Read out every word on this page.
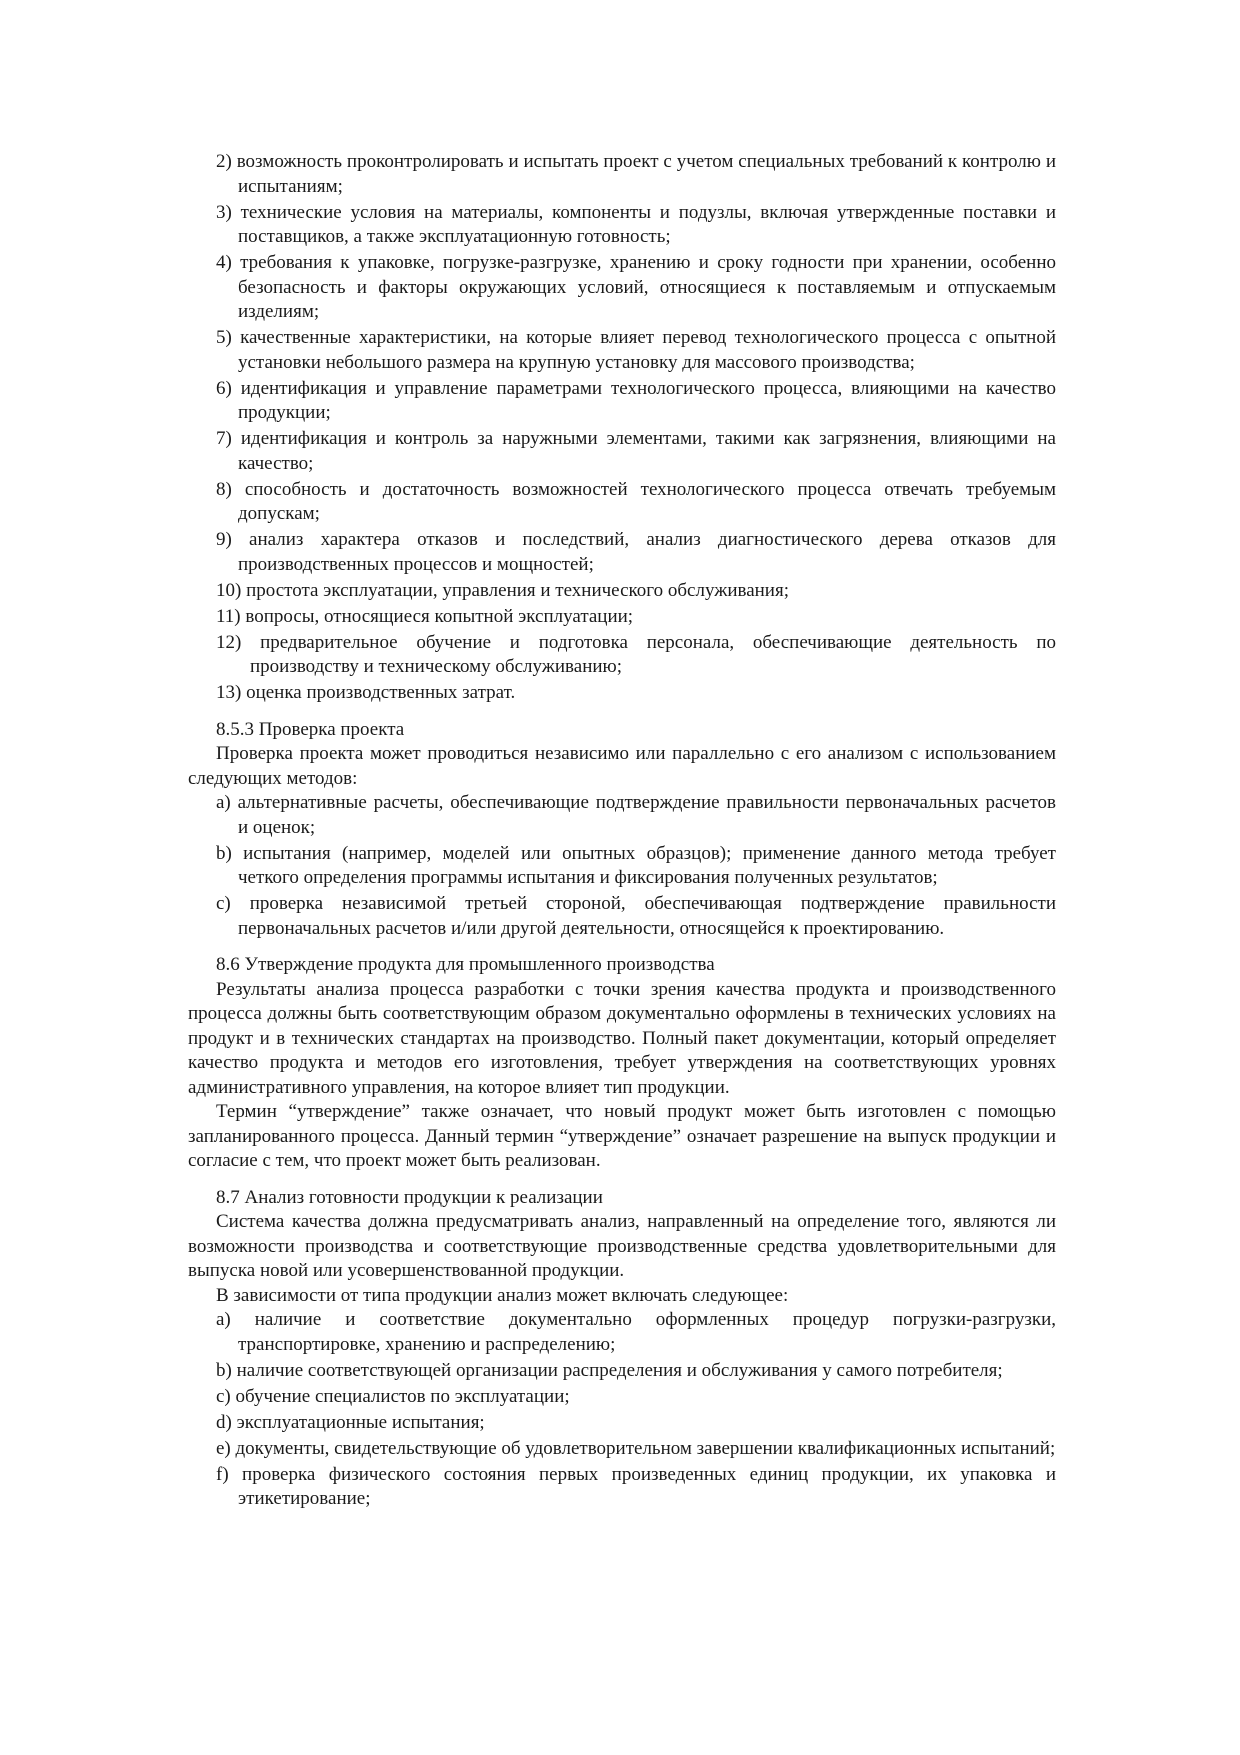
2) возможность проконтролировать и испытать проект с учетом специальных требований к контролю и испытаниям;

3) технические условия на материалы, компоненты и подузлы, включая утвержденные поставки и поставщиков, а также эксплуатационную готовность;

4) требования к упаковке, погрузке-разгрузке, хранению и сроку годности при хранении, особенно безопасность и факторы окружающих условий, относящиеся к поставляемым и отпускаемым изделиям;

5) качественные характеристики, на которые влияет перевод технологического процесса с опытной установки небольшого размера на крупную установку для массового производства;

6) идентификация и управление параметрами технологического процесса, влияющими на качество продукции;

7) идентификация и контроль за наружными элементами, такими как загрязнения, влияющими на качество;

8) способность и достаточность возможностей технологического процесса отвечать требуемым допускам;

9) анализ характера отказов и последствий, анализ диагностического дерева отказов для производственных процессов и мощностей;

10) простота эксплуатации, управления и технического обслуживания;

11) вопросы, относящиеся копытной эксплуатации;

12) предварительное обучение и подготовка персонала, обеспечивающие деятельность по производству и техническому обслуживанию;

13) оценка производственных затрат.

8.5.3 Проверка проекта

Проверка проекта может проводиться независимо или параллельно с его анализом с использованием следующих методов:

a) альтернативные расчеты, обеспечивающие подтверждение правильности первоначальных расчетов и оценок;

b) испытания (например, моделей или опытных образцов); применение данного метода требует четкого определения программы испытания и фиксирования полученных результатов;

c) проверка независимой третьей стороной, обеспечивающая подтверждение правильности первоначальных расчетов и/или другой деятельности, относящейся к проектированию.

8.6 Утверждение продукта для промышленного производства

Результаты анализа процесса разработки с точки зрения качества продукта и производственного процесса должны быть соответствующим образом документально оформлены в технических условиях на продукт и в технических стандартах на производство. Полный пакет документации, который определяет качество продукта и методов его изготовления, требует утверждения на соответствующих уровнях административного управления, на которое влияет тип продукции.

Термин “утверждение” также означает, что новый продукт может быть изготовлен с помощью запланированного процесса. Данный термин “утверждение” означает разрешение на выпуск продукции и согласие с тем, что проект может быть реализован.

8.7 Анализ готовности продукции к реализации

Система качества должна предусматривать анализ, направленный на определение того, являются ли возможности производства и соответствующие производственные средства удовлетворительными для выпуска новой или усовершенствованной продукции.

В зависимости от типа продукции анализ может включать следующее:

a) наличие и соответствие документально оформленных процедур погрузки-разгрузки, транспортировке, хранению и распределению;

b) наличие соответствующей организации распределения и обслуживания у самого потребителя;

c) обучение специалистов по эксплуатации;

d) эксплуатационные испытания;

e) документы, свидетельствующие об удовлетворительном завершении квалификационных испытаний;

f) проверка физического состояния первых произведенных единиц продукции, их упаковка и этикетирование;
